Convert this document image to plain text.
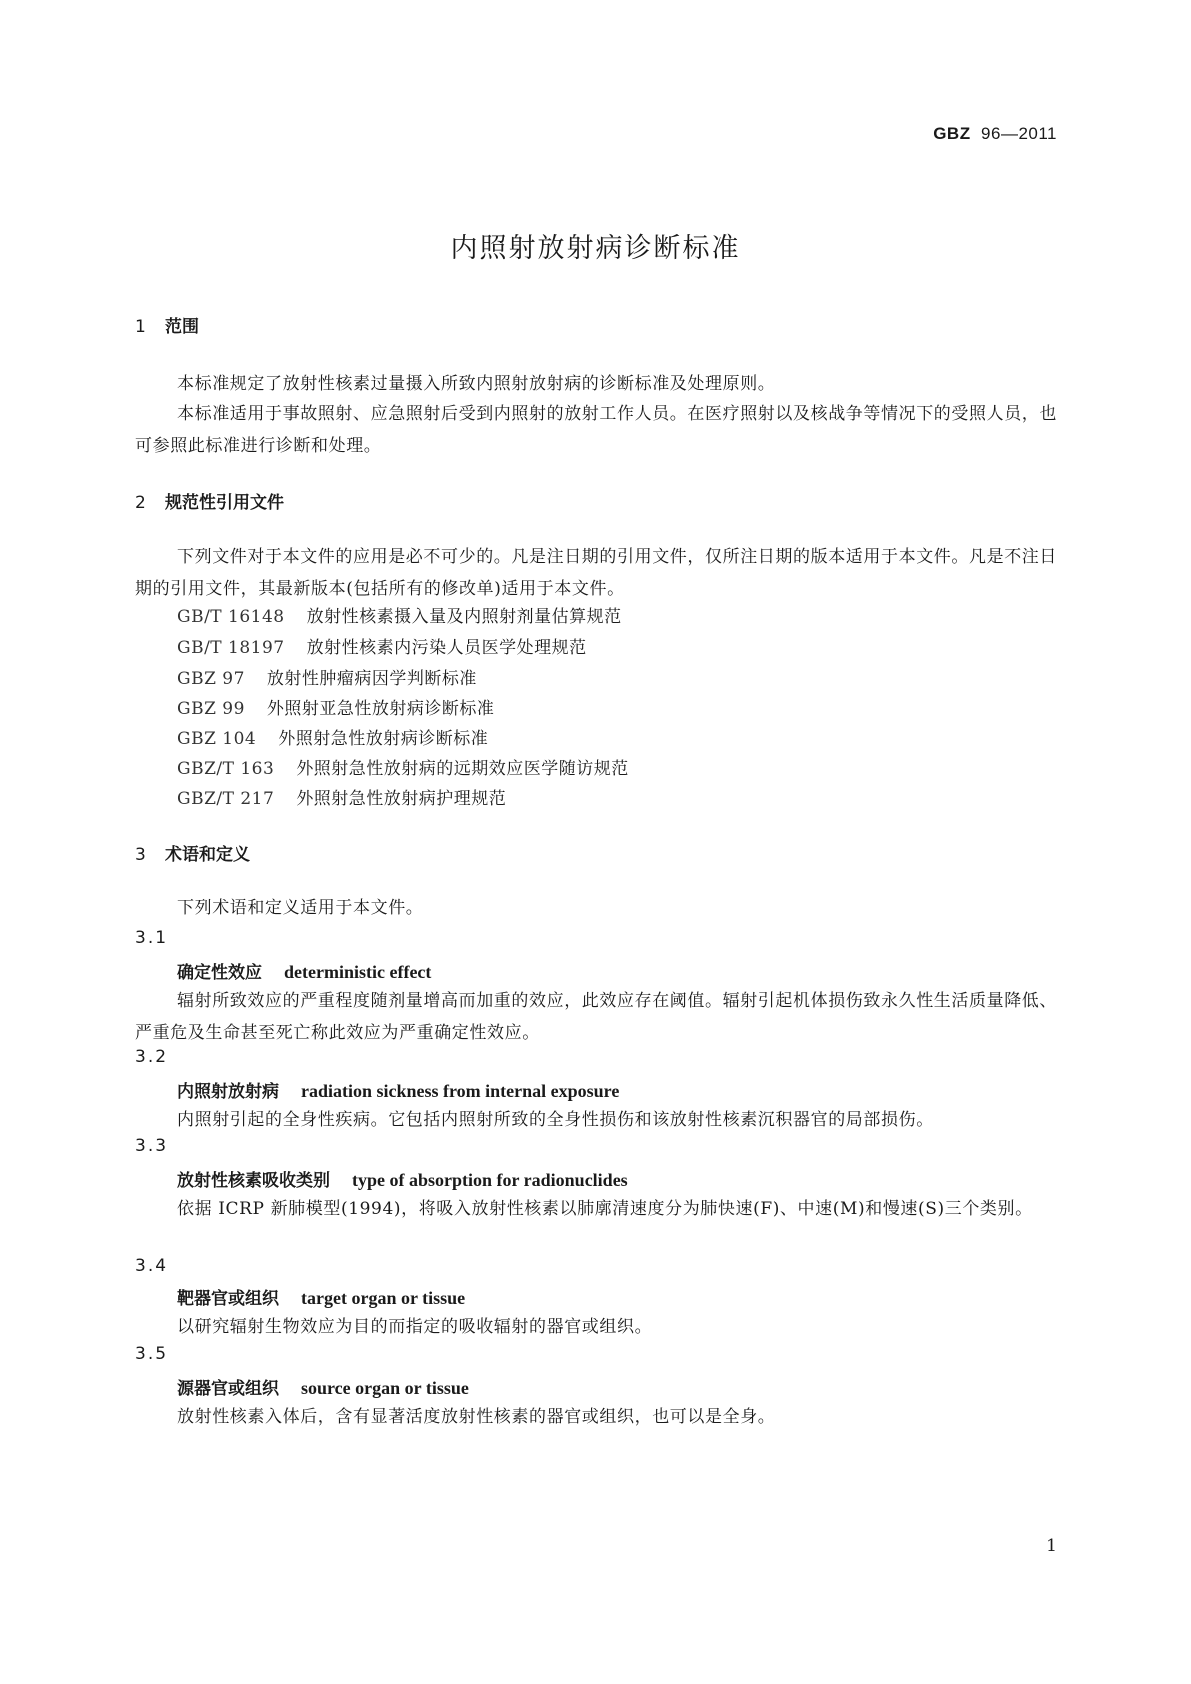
GBZ 96—2011
内照射放射病诊断标准
1 范围
本标准规定了放射性核素过量摄入所致内照射放射病的诊断标准及处理原则。
本标准适用于事故照射、应急照射后受到内照射的放射工作人员。在医疗照射以及核战争等情况下的受照人员，也可参照此标准进行诊断和处理。
2 规范性引用文件
下列文件对于本文件的应用是必不可少的。凡是注日期的引用文件，仅所注日期的版本适用于本文件。凡是不注日期的引用文件，其最新版本(包括所有的修改单)适用于本文件。
GB/T 16148 放射性核素摄入量及内照射剂量估算规范
GB/T 18197 放射性核素内污染人员医学处理规范
GBZ 97 放射性肿瘤病因学判断标准
GBZ 99 外照射亚急性放射病诊断标准
GBZ 104 外照射急性放射病诊断标准
GBZ/T 163 外照射急性放射病的远期效应医学随访规范
GBZ/T 217 外照射急性放射病护理规范
3 术语和定义
下列术语和定义适用于本文件。
3.1
确定性效应 deterministic effect
辐射所致效应的严重程度随剂量增高而加重的效应，此效应存在阈值。辐射引起机体损伤致永久性生活质量降低、严重危及生命甚至死亡称此效应为严重确定性效应。
3.2
内照射放射病 radiation sickness from internal exposure
内照射引起的全身性疾病。它包括内照射所致的全身性损伤和该放射性核素沉积器官的局部损伤。
3.3
放射性核素吸收类别 type of absorption for radionuclides
依据 ICRP 新肺模型(1994)，将吸入放射性核素以肺廓清速度分为肺快速(F)、中速(M)和慢速(S)三个类别。
3.4
靶器官或组织 target organ or tissue
以研究辐射生物效应为目的而指定的吸收辐射的器官或组织。
3.5
源器官或组织 source organ or tissue
放射性核素入体后，含有显著活度放射性核素的器官或组织，也可以是全身。
1
